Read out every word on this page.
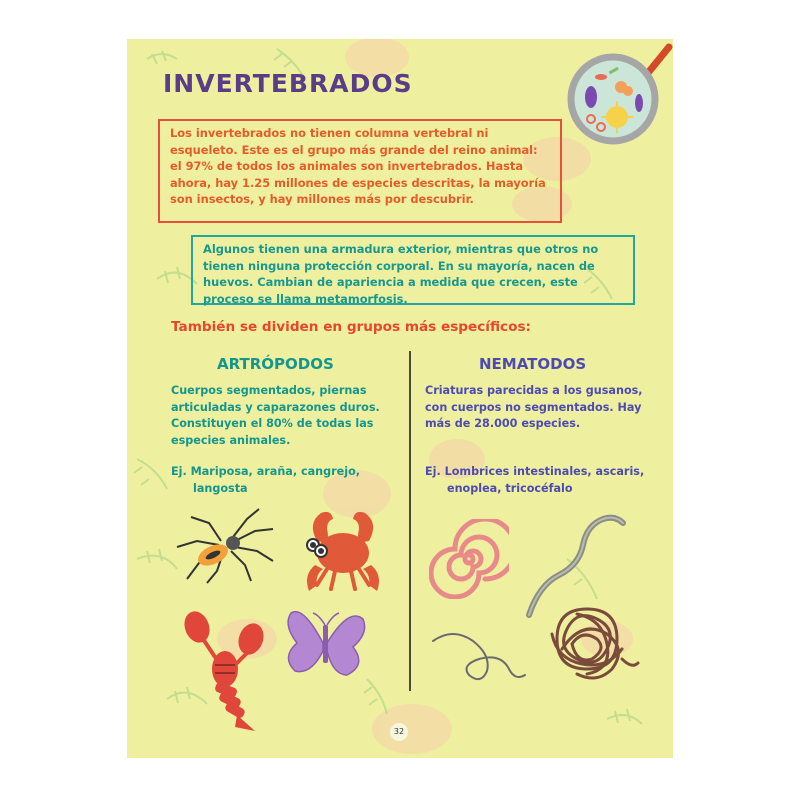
INVERTEBRADOS

Los invertebrados no tienen columna vertebral ni esqueleto. Este es el grupo más grande del reino animal: el 97% de todos los animales son invertebrados. Hasta ahora, hay 1.25 millones de especies descritas, la mayoría son insectos, y hay millones más por descubrir.

Algunos tienen una armadura exterior, mientras que otros no tienen ninguna protección corporal. En su mayoría, nacen de huevos. Cambian de apariencia a medida que crecen, este proceso se llama metamorfosis.

También se dividen en grupos más específicos:

ARTRÓPODOS

Cuerpos segmentados, piernas articuladas y caparazones duros. Constituyen el 80% de todas las especies animales.

Ej. Mariposa, araña, cangrejo,
langosta

NEMATODOS

Criaturas parecidas a los gusanos, con cuerpos no segmentados. Hay más de 28.000 especies.

Ej. Lombrices intestinales, ascaris,
enoplea, tricocéfalo

32
